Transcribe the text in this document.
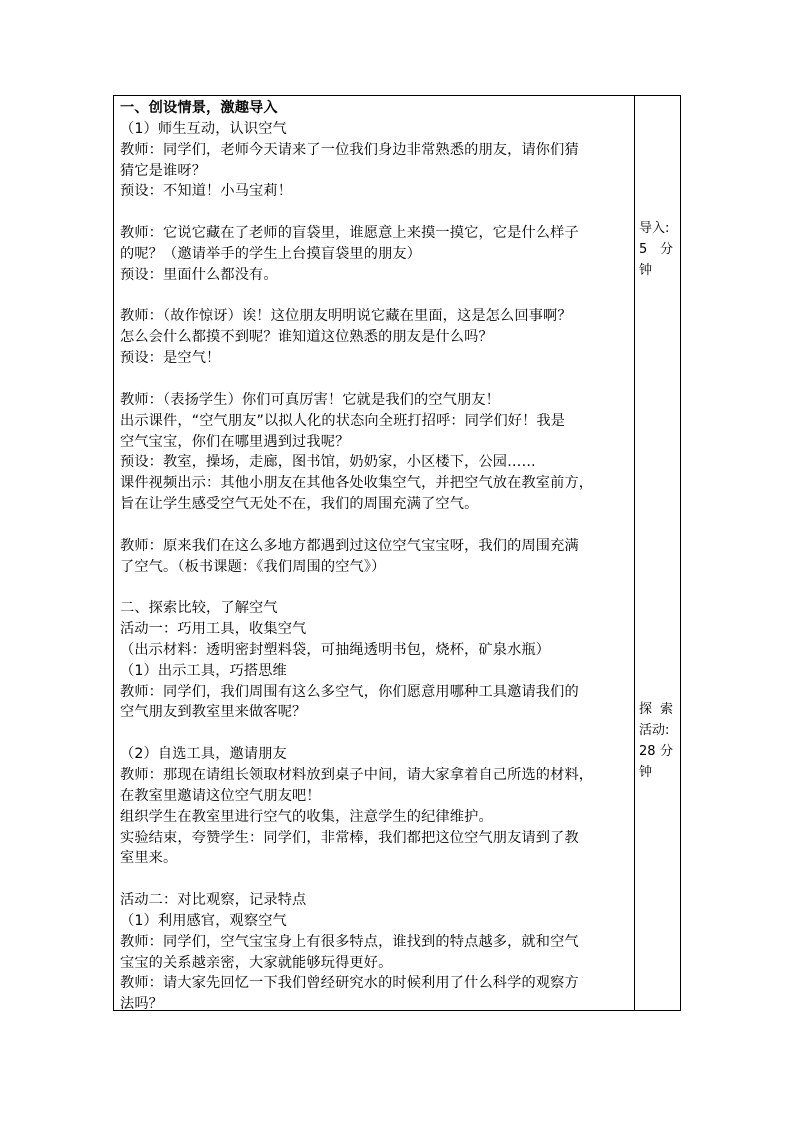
一、创设情景，激趣导入
（1）师生互动，认识空气
教师：同学们，老师今天请来了一位我们身边非常熟悉的朋友，请你们猜
猜它是谁呀？
预设：不知道！小马宝莉！
教师：它说它藏在了老师的盲袋里，谁愿意上来摸一摸它，它是什么样子
的呢？（邀请举手的学生上台摸盲袋里的朋友）
预设：里面什么都没有。
教师：（故作惊讶）诶！这位朋友明明说它藏在里面，这是怎么回事啊？
怎么会什么都摸不到呢？谁知道这位熟悉的朋友是什么吗？
预设：是空气！
教师：（表扬学生）你们可真厉害！它就是我们的空气朋友！
出示课件，“空气朋友”以拟人化的状态向全班打招呼：同学们好！我是
空气宝宝，你们在哪里遇到过我呢？
预设：教室，操场，走廊，图书馆，奶奶家，小区楼下，公园……
课件视频出示：其他小朋友在其他各处收集空气，并把空气放在教室前方，
旨在让学生感受空气无处不在，我们的周围充满了空气。
教师：原来我们在这么多地方都遇到过这位空气宝宝呀，我们的周围充满
了空气。（板书课题：《我们周围的空气》）
二、探索比较，了解空气
活动一：巧用工具，收集空气
（出示材料：透明密封塑料袋，可抽绳透明书包，烧杯，矿泉水瓶）
（1）出示工具，巧搭思维
教师：同学们，我们周围有这么多空气，你们愿意用哪种工具邀请我们的
空气朋友到教室里来做客呢？
（2）自选工具，邀请朋友
教师：那现在请组长领取材料放到桌子中间，请大家拿着自己所选的材料，
在教室里邀请这位空气朋友吧！
组织学生在教室里进行空气的收集，注意学生的纪律维护。
实验结束，夸赞学生：同学们，非常棒，我们都把这位空气朋友请到了教
室里来。
活动二：对比观察，记录特点
（1）利用感官，观察空气
教师：同学们，空气宝宝身上有很多特点，谁找到的特点越多，就和空气
宝宝的关系越亲密，大家就能够玩得更好。
教师：请大家先回忆一下我们曾经研究水的时候利用了什么科学的观察方
法吗？
导入:
5 分
钟
探 索
活动:
28 分
钟
